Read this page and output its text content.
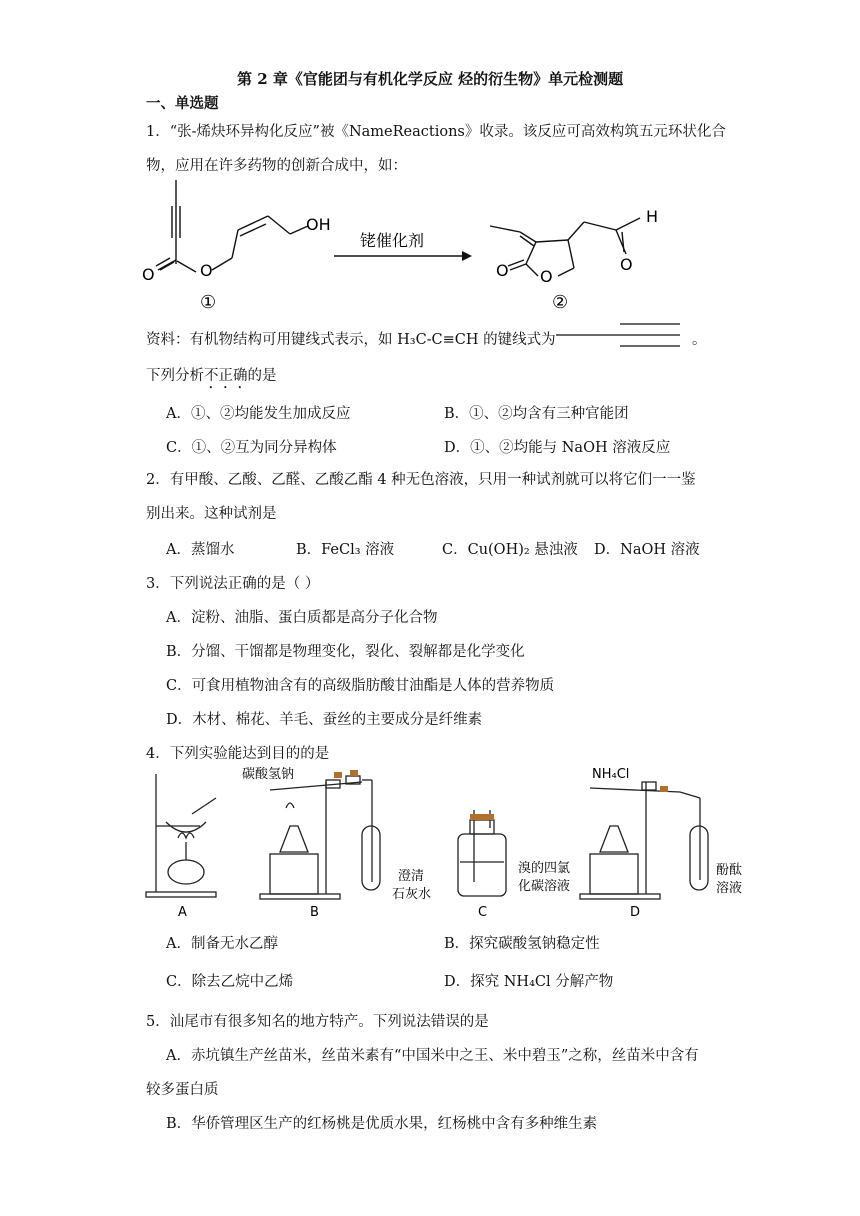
第 2 章《官能团与有机化学反应 烃的衍生物》单元检测题
一、单选题
1．“张-烯炔环异构化反应”被《NameReactions》收录。该反应可高效构筑五元环状化合
物，应用在许多药物的创新合成中，如：
OH
O	O
铑催化剂
O O
O
H
①	②
资料：有机物结构可用键线式表示，如 H₃C-C≡CH 的键线式为	。
下列分析不正确的是
A．①、②均能发生加成反应	B．①、②均含有三种官能团
C．①、②互为同分异构体	D．①、②均能与 NaOH 溶液反应
2．有甲酸、乙酸、乙醛、乙酸乙酯 4 种无色溶液，只用一种试剂就可以将它们一一鉴
别出来。这种试剂是
A．蒸馏水	B．FeCl₃ 溶液	C．Cu(OH)₂ 悬浊液 D．NaOH 溶液
3．下列说法正确的是（ ）
A．淀粉、油脂、蛋白质都是高分子化合物
B．分馏、干馏都是物理变化，裂化、裂解都是化学变化
C．可食用植物油含有的高级脂肪酸甘油酯是人体的营养物质
D．木材、棉花、羊毛、蚕丝的主要成分是纤维素
4．下列实验能达到目的的是
碳酸氢钠
澄清
石灰水
溴的四氯
化碳溶液
NH₄Cl
酚酞
溶液
A	B	C	D
A．制备无水乙醇	B．探究碳酸氢钠稳定性
C．除去乙烷中乙烯	D．探究 NH₄Cl 分解产物
5．汕尾市有很多知名的地方特产。下列说法错误的是
A．赤坑镇生产丝苗米，丝苗米素有“中国米中之王、米中碧玉”之称，丝苗米中含有
较多蛋白质
B．华侨管理区生产的红杨桃是优质水果，红杨桃中含有多种维生素
